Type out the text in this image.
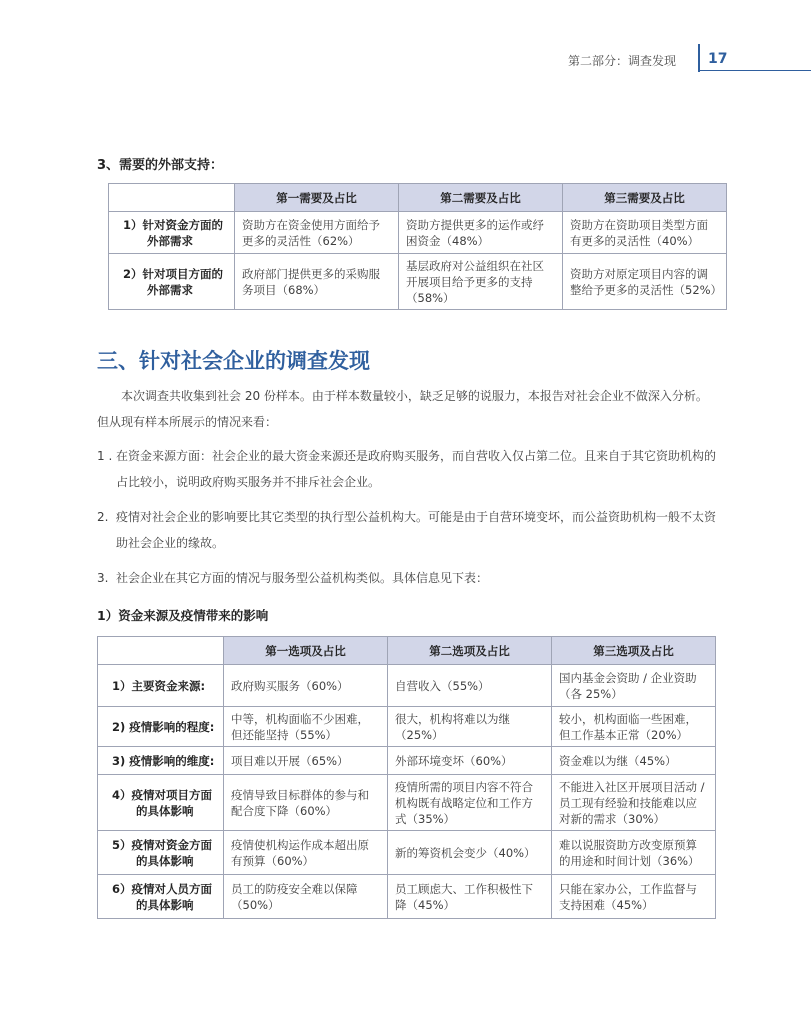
第二部分：调查发现 17
3、需要的外部支持：
	第一需要及占比	第二需要及占比	第三需要及占比
1）针对资金方面的
外部需求	资助方在资金使用方面给予更多的灵活性（62%）	资助方提供更多的运作或纾困资金（48%）	资助方在资助项目类型方面有更多的灵活性（40%）
2）针对项目方面的
外部需求	政府部门提供更多的采购服务项目（68%）	基层政府对公益组织在社区开展项目给予更多的支持（58%）	资助方对原定项目内容的调整给予更多的灵活性（52%）
三、针对社会企业的调查发现
本次调查共收集到社会 20 份样本。由于样本数量较小，缺乏足够的说服力，本报告对社会企业不做深入分析。但从现有样本所展示的情况来看：
1 . 在资金来源方面：社会企业的最大资金来源还是政府购买服务，而自营收入仅占第二位。且来自于其它资助机构的占比较小，说明政府购买服务并不排斥社会企业。
2. 疫情对社会企业的影响要比其它类型的执行型公益机构大。可能是由于自营环境变坏，而公益资助机构一般不太资助社会企业的缘故。
3. 社会企业在其它方面的情况与服务型公益机构类似。具体信息见下表：
1）资金来源及疫情带来的影响
	第一选项及占比	第二选项及占比	第三选项及占比
1）主要资金来源:	政府购买服务（60%）	自营收入（55%）	国内基金会资助 / 企业资助（各 25%）
2) 疫情影响的程度:	中等，机构面临不少困难，但还能坚持（55%）	很大，机构将难以为继（25%）	较小，机构面临一些困难，但工作基本正常（20%）
3) 疫情影响的维度:	项目难以开展（65%）	外部环境变坏（60%）	资金难以为继（45%）
4）疫情对项目方面
的具体影响	疫情导致目标群体的参与和配合度下降（60%）	疫情所需的项目内容不符合机构既有战略定位和工作方式（35%）	不能进入社区开展项目活动 / 员工现有经验和技能难以应对新的需求（30%）
5）疫情对资金方面
的具体影响	疫情使机构运作成本超出原有预算（60%）	新的筹资机会变少（40%）	难以说服资助方改变原预算的用途和时间计划（36%）
6）疫情对人员方面
的具体影响	员工的防疫安全难以保障（50%）	员工顾虑大、工作积极性下降（45%）	只能在家办公，工作监督与支持困难（45%）
